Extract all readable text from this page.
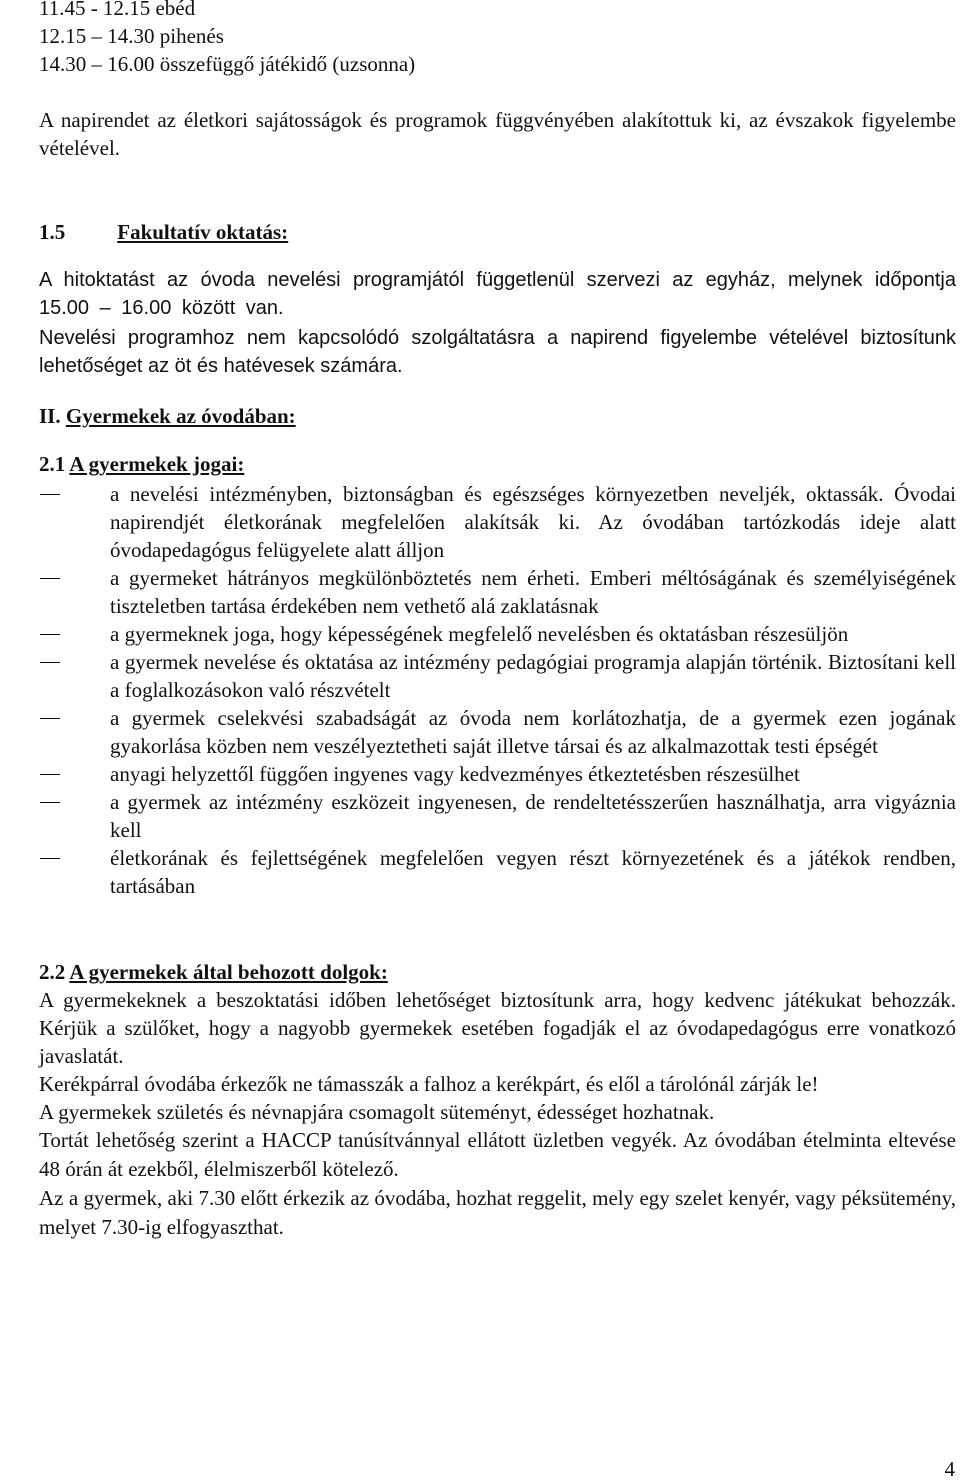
11.45 - 12.15 ebéd
12.15 – 14.30 pihenés
14.30 – 16.00 összefüggő játékidő (uzsonna)
A napirendet az életkori sajátosságok és programok függvényében alakítottuk ki, az évszakok figyelembe vételével.
1.5 Fakultatív oktatás:
A hitoktatást az óvoda nevelési programjától függetlenül szervezi az egyház, melynek időpontja 15.00 – 16.00 között van.
Nevelési programhoz nem kapcsolódó szolgáltatásra a napirend figyelembe vételével biztosítunk lehetőséget az öt és hatévesek számára.
II. Gyermekek az óvodában:
2.1 A gyermekek jogai:
a nevelési intézményben, biztonságban és egészséges környezetben neveljék, oktassák. Óvodai napirendjét életkorának megfelelően alakítsák ki. Az óvodában tartózkodás ideje alatt óvodapedagógus felügyelete alatt álljon
a gyermeket hátrányos megkülönböztetés nem érheti. Emberi méltóságának és személyiségének tiszteletben tartása érdekében nem vethető alá zaklatásnak
a gyermeknek joga, hogy képességének megfelelő nevelésben és oktatásban részesüljön
a gyermek nevelése és oktatása az intézmény pedagógiai programja alapján történik. Biztosítani kell a foglalkozásokon való részvételt
a gyermek cselekvési szabadságát az óvoda nem korlátozhatja, de a gyermek ezen jogának gyakorlása közben nem veszélyeztetheti saját illetve társai és az alkalmazottak testi épségét
anyagi helyzettől függően ingyenes vagy kedvezményes étkeztetésben részesülhet
a gyermek az intézmény eszközeit ingyenesen, de rendeltetésszerűen használhatja, arra vigyáznia kell
életkorának és fejlettségének megfelelően vegyen részt környezetének és a játékok rendben, tartásában
2.2 A gyermekek által behozott dolgok:
A gyermekeknek a beszoktatási időben lehetőséget biztosítunk arra, hogy kedvenc játékukat behozzák. Kérjük a szülőket, hogy a nagyobb gyermekek esetében fogadják el az óvodapedagógus erre vonatkozó javaslatát.
Kerékpárral óvodába érkezők ne támasszák a falhoz a kerékpárt, és elől a tárolónál zárják le!
A gyermekek születés és névnapjára csomagolt süteményt, édességet hozhatnak.
Tortát lehetőség szerint a HACCP tanúsítvánnyal ellátott üzletben vegyék. Az óvodában ételminta eltevése 48 órán át ezekből, élelmiszerből kötelező.
Az a gyermek, aki 7.30 előtt érkezik az óvodába, hozhat reggelit, mely egy szelet kenyér, vagy péksütemény, melyet 7.30-ig elfogyaszthat.
4
